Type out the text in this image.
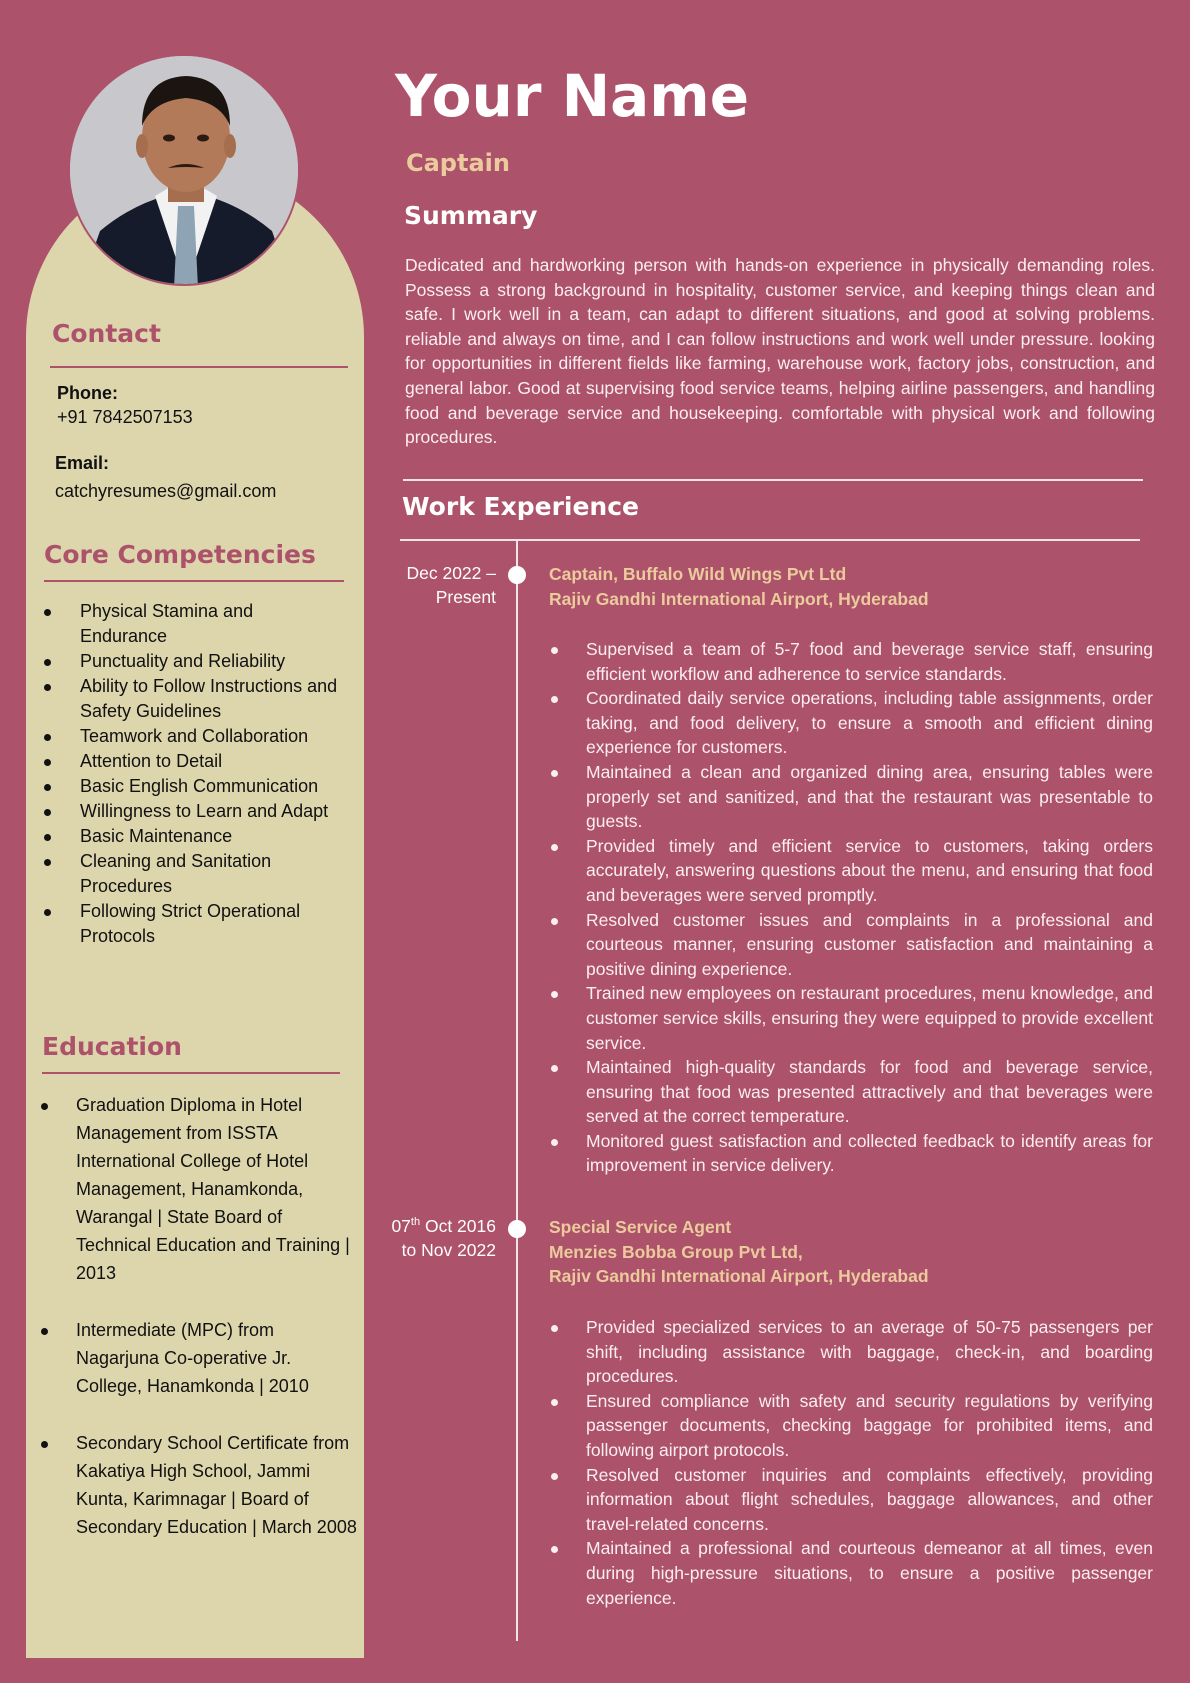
Contact
Phone:
+91 7842507153
Email:
catchyresumes@gmail.com
Core Competencies
Physical Stamina and Endurance
Punctuality and Reliability
Ability to Follow Instructions and Safety Guidelines
Teamwork and Collaboration
Attention to Detail
Basic English Communication
Willingness to Learn and Adapt
Basic Maintenance
Cleaning and Sanitation Procedures
Following Strict Operational Protocols
Education
Graduation Diploma in Hotel Management from ISSTA International College of Hotel Management, Hanamkonda, Warangal | State Board of Technical Education and Training | 2013
Intermediate (MPC) from Nagarjuna Co-operative Jr. College, Hanamkonda | 2010
Secondary School Certificate from Kakatiya High School, Jammi Kunta, Karimnagar | Board of Secondary Education | March 2008
Your Name
Captain
Summary
Dedicated and hardworking person with hands-on experience in physically demanding roles. Possess a strong background in hospitality, customer service, and keeping things clean and safe. I work well in a team, can adapt to different situations, and good at solving problems. reliable and always on time, and I can follow instructions and work well under pressure. looking for opportunities in different fields like farming, warehouse work, factory jobs, construction, and general labor. Good at supervising food service teams, helping airline passengers, and handling food and beverage service and housekeeping. comfortable with physical work and following procedures.
Work Experience
Dec 2022 –
Present
Captain, Buffalo Wild Wings Pvt Ltd
Rajiv Gandhi International Airport, Hyderabad
Supervised a team of 5-7 food and beverage service staff, ensuring efficient workflow and adherence to service standards.
Coordinated daily service operations, including table assignments, order taking, and food delivery, to ensure a smooth and efficient dining experience for customers.
Maintained a clean and organized dining area, ensuring tables were properly set and sanitized, and that the restaurant was presentable to guests.
Provided timely and efficient service to customers, taking orders accurately, answering questions about the menu, and ensuring that food and beverages were served promptly.
Resolved customer issues and complaints in a professional and courteous manner, ensuring customer satisfaction and maintaining a positive dining experience.
Trained new employees on restaurant procedures, menu knowledge, and customer service skills, ensuring they were equipped to provide excellent service.
Maintained high-quality standards for food and beverage service, ensuring that food was presented attractively and that beverages were served at the correct temperature.
Monitored guest satisfaction and collected feedback to identify areas for improvement in service delivery.
07th Oct 2016
to Nov 2022
Special Service Agent
Menzies Bobba Group Pvt Ltd,
Rajiv Gandhi International Airport, Hyderabad
Provided specialized services to an average of 50-75 passengers per shift, including assistance with baggage, check-in, and boarding procedures.
Ensured compliance with safety and security regulations by verifying passenger documents, checking baggage for prohibited items, and following airport protocols.
Resolved customer inquiries and complaints effectively, providing information about flight schedules, baggage allowances, and other travel-related concerns.
Maintained a professional and courteous demeanor at all times, even during high-pressure situations, to ensure a positive passenger experience.
